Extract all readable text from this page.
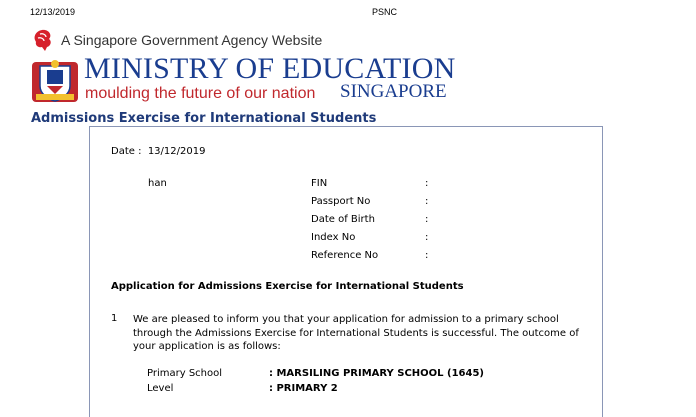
12/13/2019	PSNC
A Singapore Government Agency Website
MINISTRY OF EDUCATION
moulding the future of our nation SINGAPORE
Admissions Exercise for International Students
Date : 13/12/2019
han	FIN	:
Passport No	:
Date of Birth	:
Index No	:
Reference No	:
Application for Admissions Exercise for International Students
1 We are pleased to inform you that your application for admission to a primary school through the Admissions Exercise for International Students is successful. The outcome of your application is as follows:
Primary School	: MARSILING PRIMARY SCHOOL (1645)
Level	: PRIMARY 2
